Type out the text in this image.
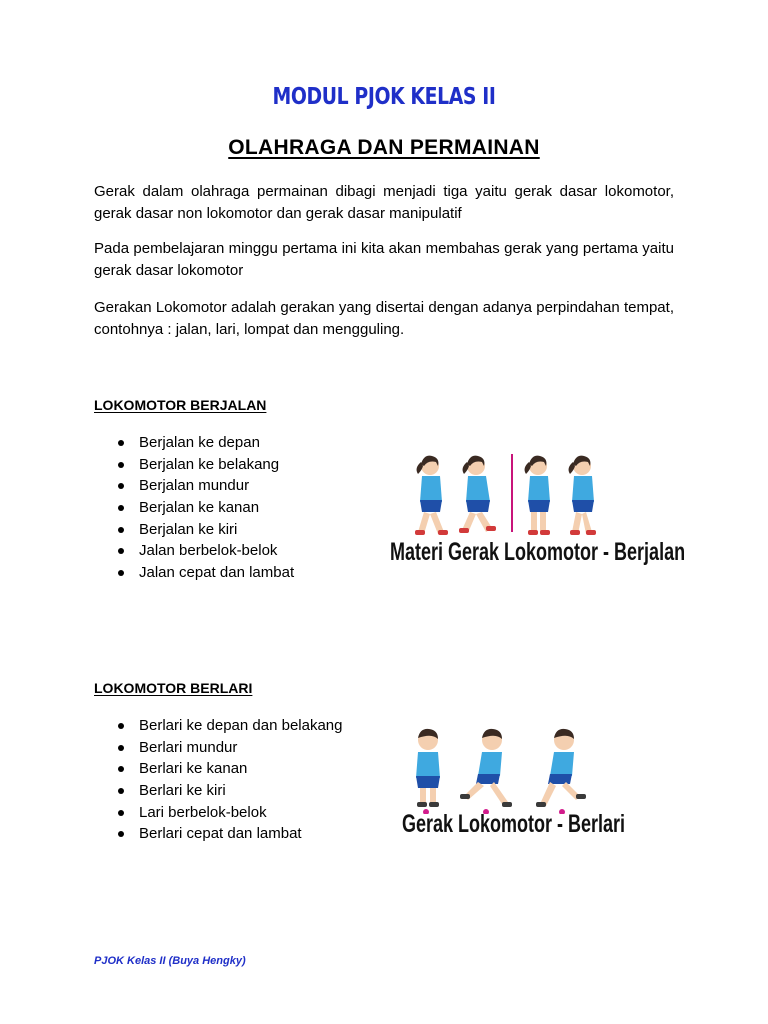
MODUL PJOK KELAS II
OLAHRAGA DAN PERMAINAN

Gerak dalam olahraga permainan dibagi menjadi tiga yaitu gerak dasar lokomotor, gerak dasar non lokomotor dan gerak dasar manipulatif

Pada pembelajaran minggu pertama ini kita akan membahas gerak yang pertama yaitu gerak dasar lokomotor

Gerakan Lokomotor adalah gerakan yang disertai dengan adanya perpindahan tempat, contohnya : jalan, lari, lompat dan mengguling.

LOKOMOTOR BERJALAN
Berjalan ke depan
Berjalan ke belakang
Berjalan mundur
Berjalan ke kanan
Berjalan ke kiri
Jalan berbelok-belok
Jalan cepat dan lambat
Materi Gerak Lokomotor - Berjalan
LOKOMOTOR BERLARI
Berlari ke depan dan belakang
Berlari mundur
Berlari ke kanan
Berlari ke kiri
Lari berbelok-belok
Berlari cepat dan lambat	Gerak Lokomotor - Berlari

PJOK Kelas II (Buya Hengky)
